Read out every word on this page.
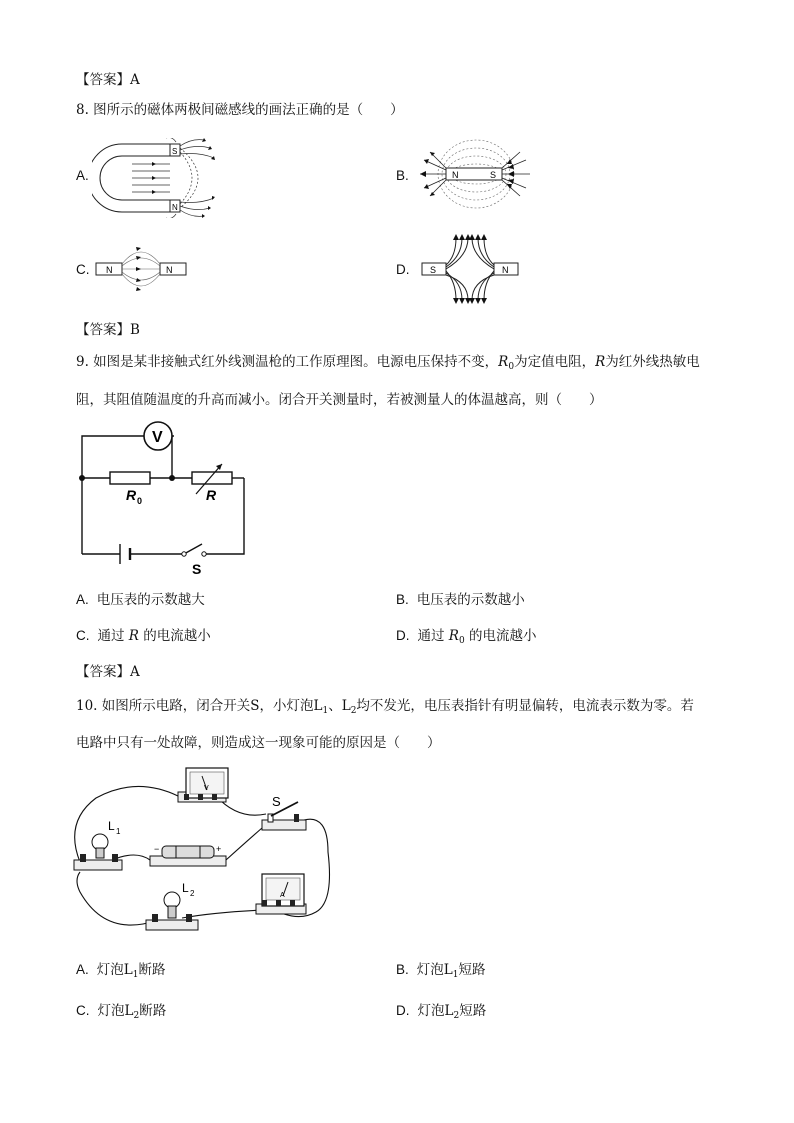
【答案】A
8. 图所示的磁体两极间磁感线的画法正确的是（　　）
A.	B.
C.	D.
S
N
N	S
N	N	S	N
【答案】B
9. 如图是某非接触式红外线测温枪的工作原理图。电源电压保持不变，$R_0$为定值电阻，R为红外线热敏电
阻，其阻值随温度的升高而减小。闭合开关测量时，若被测量人的体温越高，则（　　）
V
R 0	R
S
A. 电压表的示数越大	B. 电压表的示数越小
C. 通过 R 的电流越小	D. 通过 $R_0$ 的电流越小
【答案】A
10. 如图所示电路，闭合开关S，小灯泡$L_1$、$L_2$均不发光，电压表指针有明显偏转，电流表示数为零。若
电路中只有一处故障，则造成这一现象可能的原因是（　　）
V
S
−	+
L 1
L 2	A
A. 灯泡$L_1$断路	B. 灯泡$L_1$短路
C. 灯泡$L_2$断路	D. 灯泡$L_2$短路
